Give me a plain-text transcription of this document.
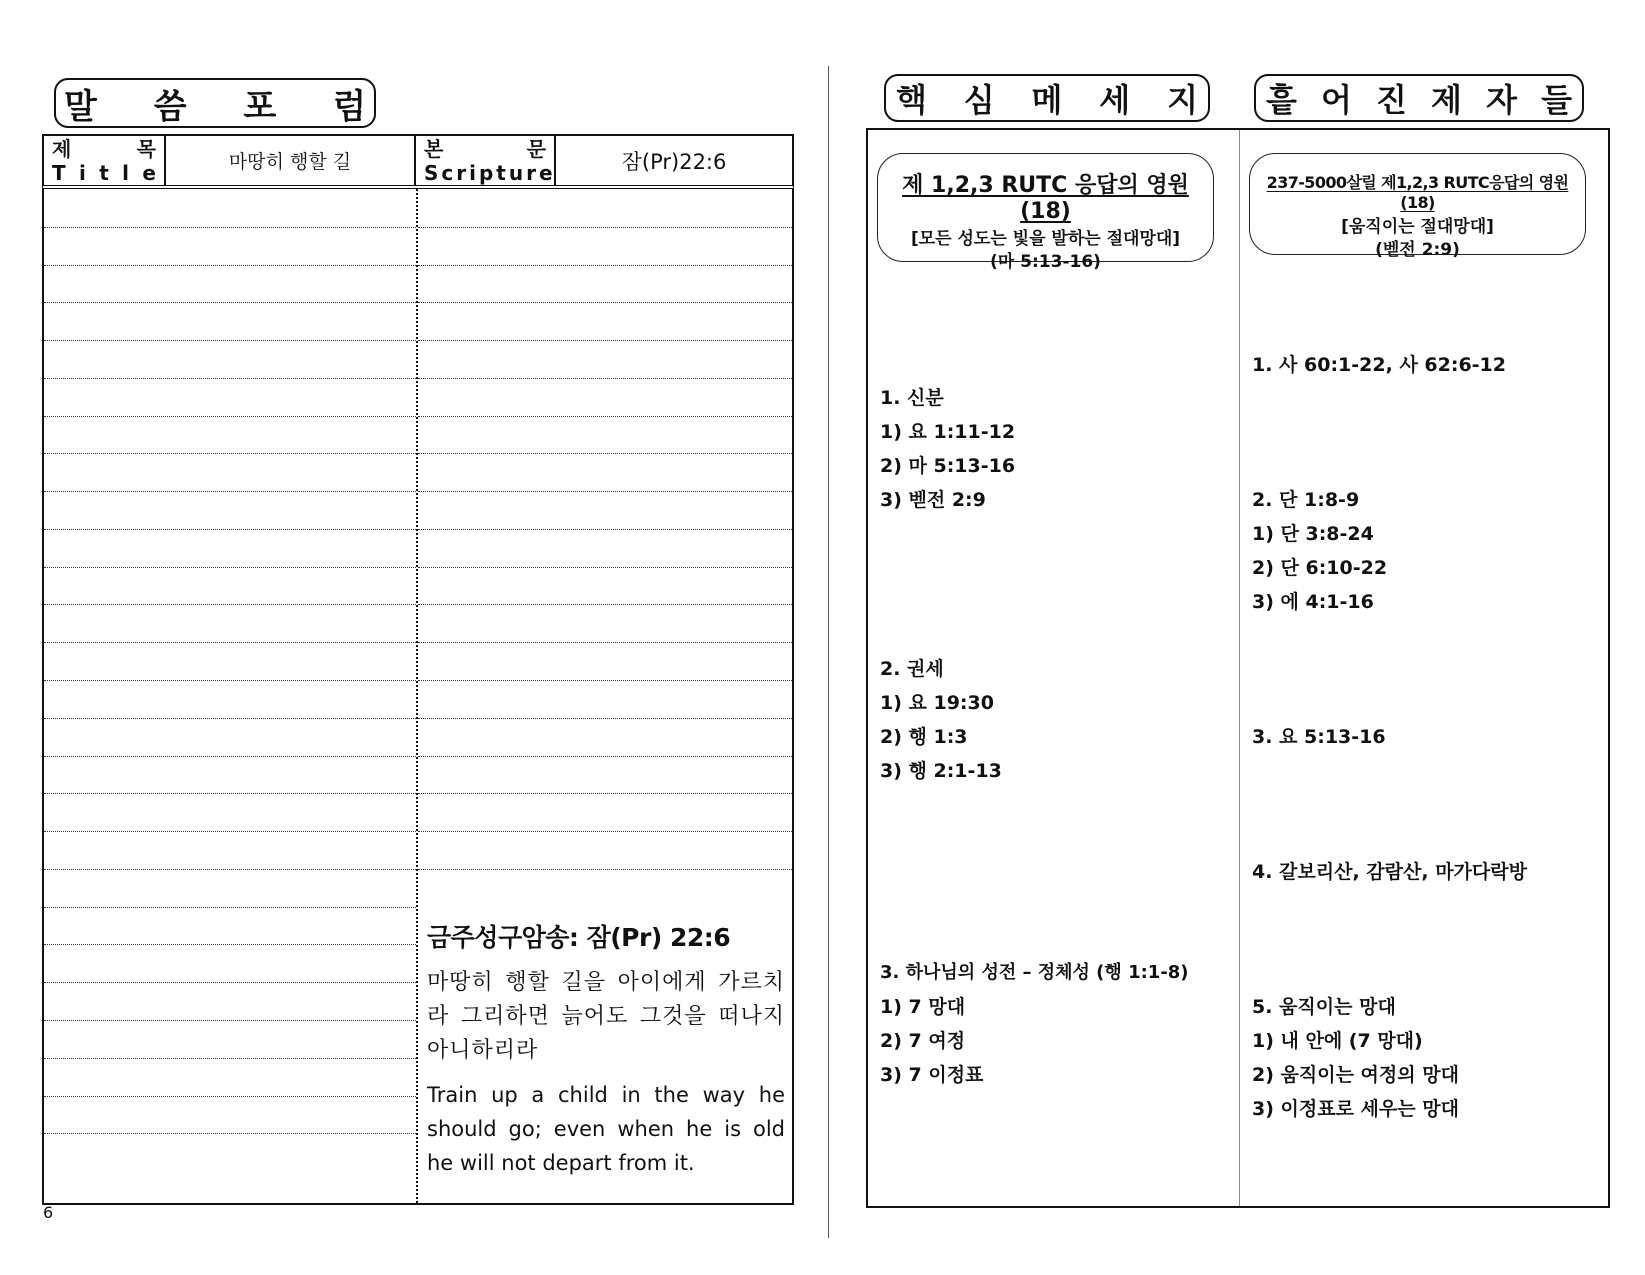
말 씀 포 럼
제	목
T i t l e	마땅히 행할 길
본	문
Scripture	잠(Pr)22:6
금주성구암송: 잠(Pr) 22:6
마땅히 행할 길을 아이에게 가르치라 그리하면 늙어도 그것을 떠나지 아니하리라
Train up a child in the way he should go; even when he is old he will not depart from it.
6
핵 심 메 세 지 흩 어 진 제 자 들
제 1,2,3 RUTC 응답의 영원 (18)
[모든 성도는 빛을 발하는 절대망대]
(마 5:13-16)
237-5000살릴 제1,2,3 RUTC응답의 영원(18)
[움직이는 절대망대]
(벧전 2:9)
1. 신분
1) 요 1:11-12
2) 마 5:13-16
3) 벧전 2:9
2. 권세
1) 요 19:30
2) 행 1:3
3) 행 2:1-13
3. 하나님의 성전 – 정체성 (행 1:1-8)
1) 7 망대
2) 7 여정
3) 7 이정표
1. 사 60:1-22, 사 62:6-12
2. 단 1:8-9
1) 단 3:8-24
2) 단 6:10-22
3) 에 4:1-16
3. 요 5:13-16
4. 갈보리산, 감람산, 마가다락방
5. 움직이는 망대
1) 내 안에 (7 망대)
2) 움직이는 여정의 망대
3) 이정표로 세우는 망대
